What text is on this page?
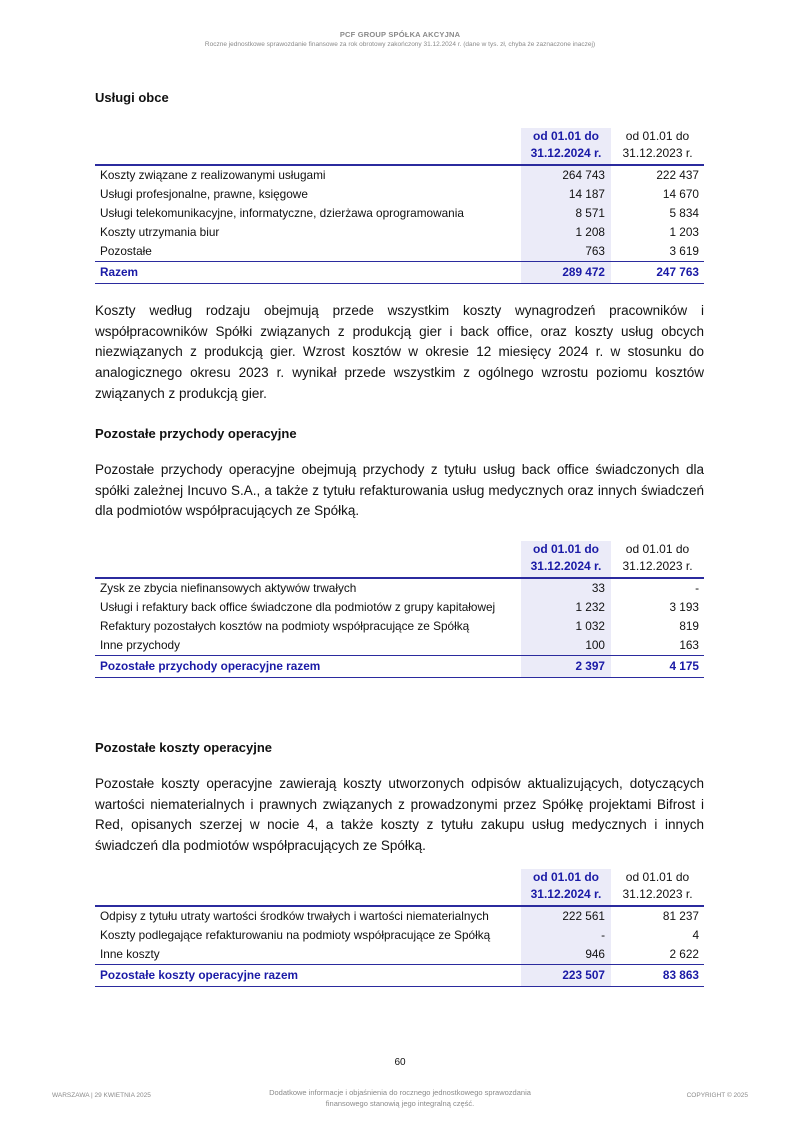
PCF GROUP SPÓŁKA AKCYJNA
Roczne jednostkowe sprawozdanie finansowe za rok obrotowy zakończony 31.12.2024 r. (dane w tys. zł, chyba że zaznaczone inaczej)
Usługi obce
	od 01.01 do 31.12.2024 r.	od 01.01 do 31.12.2023 r.
Koszty związane z realizowanymi usługami	264 743	222 437
Usługi profesjonalne, prawne, księgowe	14 187	14 670
Usługi telekomunikacyjne, informatyczne, dzierżawa oprogramowania	8 571	5 834
Koszty utrzymania biur	1 208	1 203
Pozostałe	763	3 619
Razem	289 472	247 763
Koszty według rodzaju obejmują przede wszystkim koszty wynagrodzeń pracowników i współpracowników Spółki związanych z produkcją gier i back office, oraz koszty usług obcych niezwiązanych z produkcją gier. Wzrost kosztów w okresie 12 miesięcy 2024 r. w stosunku do analogicznego okresu 2023 r. wynikał przede wszystkim z ogólnego wzrostu poziomu kosztów związanych z produkcją gier.
Pozostałe przychody operacyjne
Pozostałe przychody operacyjne obejmują przychody z tytułu usług back office świadczonych dla spółki zależnej Incuvo S.A., a także z tytułu refakturowania usług medycznych oraz innych świadczeń dla podmiotów współpracujących ze Spółką.
	od 01.01 do 31.12.2024 r.	od 01.01 do 31.12.2023 r.
Zysk ze zbycia niefinansowych aktywów trwałych	33	-
Usługi i refaktury back office świadczone dla podmiotów z grupy kapitałowej	1 232	3 193
Refaktury pozostałych kosztów na podmioty współpracujące ze Spółką	1 032	819
Inne przychody	100	163
Pozostałe przychody operacyjne razem	2 397	4 175
Pozostałe koszty operacyjne
Pozostałe koszty operacyjne zawierają koszty utworzonych odpisów aktualizujących, dotyczących wartości niematerialnych i prawnych związanych z prowadzonymi przez Spółkę projektami Bifrost i Red, opisanych szerzej w nocie 4, a także koszty z tytułu zakupu usług medycznych i innych świadczeń dla podmiotów współpracujących ze Spółką.
	od 01.01 do 31.12.2024 r.	od 01.01 do 31.12.2023 r.
Odpisy z tytułu utraty wartości środków trwałych i wartości niematerialnych	222 561	81 237
Koszty podlegające refakturowaniu na podmioty współpracujące ze Spółką	-	4
Inne koszty	946	2 622
Pozostałe koszty operacyjne razem	223 507	83 863
60
WARSZAWA | 29 KWIETNIA 2025	Dodatkowe informacje i objaśnienia do rocznego jednostkowego sprawozdania finansowego stanowią jego integralną część.
COPYRIGHT © 2025
